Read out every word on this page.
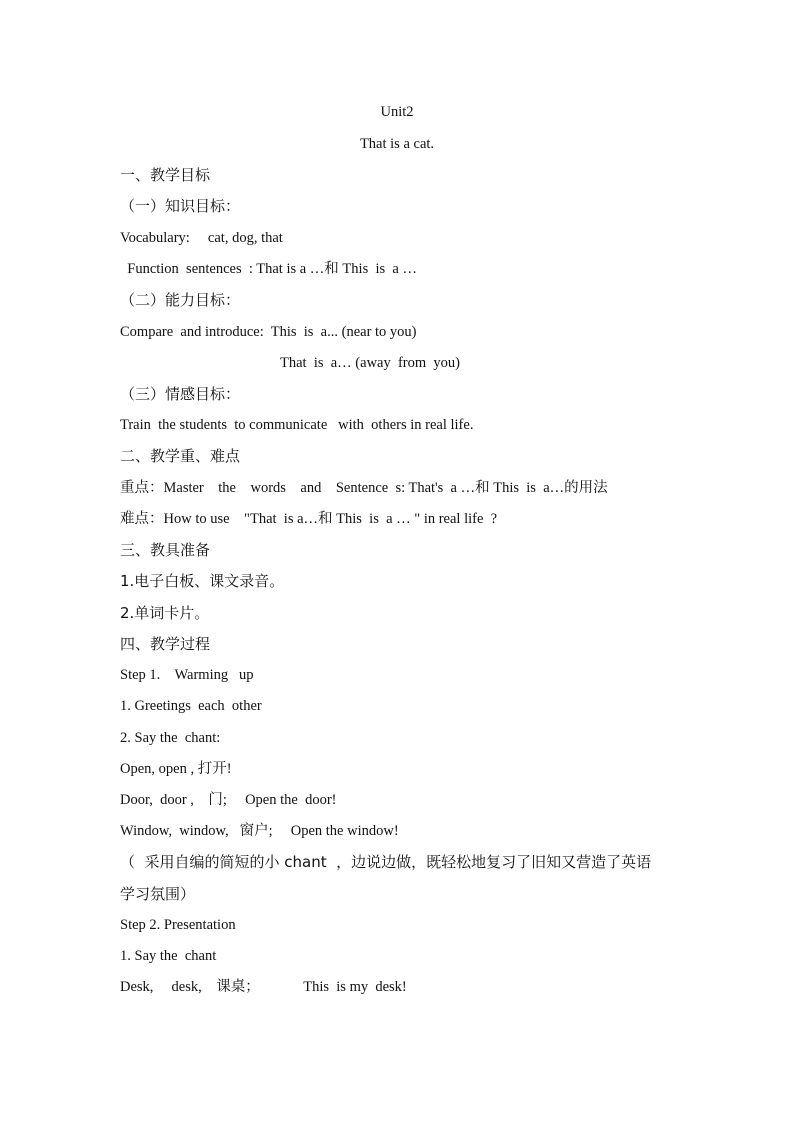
Unit2
That is a cat.
一、教学目标
（一）知识目标：
Vocabulary:     cat, dog, that
Function  sentences  : That is a …和 This  is  a …
（二）能力目标：
Compare  and introduce:  This  is  a... (near to you)
That  is  a… (away  from  you)
（三）情感目标：
Train  the students  to communicate   with  others in real life.
二、教学重、难点
重点：Master    the    words    and    Sentence  s: That's  a …和 This  is  a…的用法
难点：How to use    "That  is a…和 This  is  a … " in real life  ?
三、教具准备
1.电子白板、课文录音。
2.单词卡片。
四、教学过程
Step 1.    Warming   up
1. Greetings  each  other
2. Say the  chant:
Open, open , 打开!
Door,  door ,    门;     Open the  door!
Window,  window,   窗户;     Open the window!
（  采用自编的简短的小 chant  ，边说边做，既轻松地复习了旧知又营造了英语
学习氛围）
Step 2. Presentation
1. Say the  chant
Desk,     desk,    课桌；            This  is my  desk!
